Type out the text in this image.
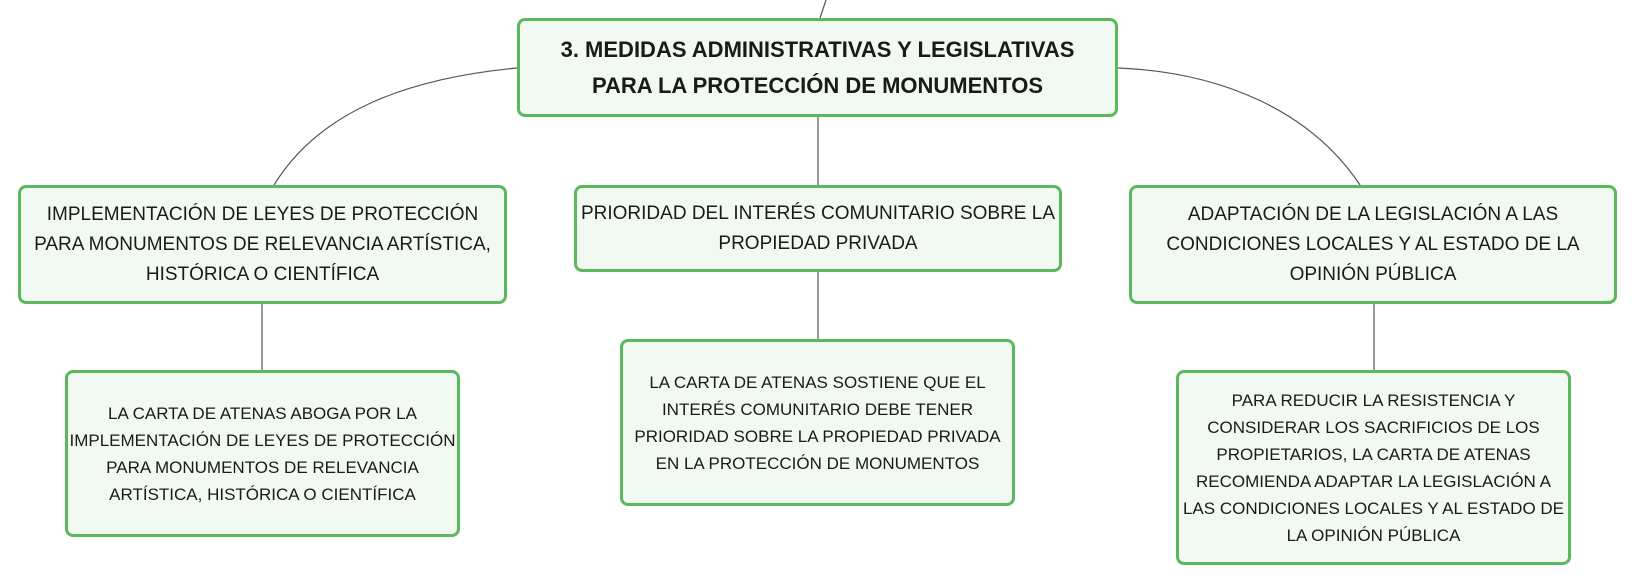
3. MEDIDAS ADMINISTRATIVAS Y LEGISLATIVAS
PARA LA PROTECCIÓN DE MONUMENTOS
IMPLEMENTACIÓN DE LEYES DE PROTECCIÓN
PARA MONUMENTOS DE RELEVANCIA ARTÍSTICA,
HISTÓRICA O CIENTÍFICA
PRIORIDAD DEL INTERÉS COMUNITARIO SOBRE LA
PROPIEDAD PRIVADA
ADAPTACIÓN DE LA LEGISLACIÓN A LAS
CONDICIONES LOCALES Y AL ESTADO DE LA
OPINIÓN PÚBLICA
LA CARTA DE ATENAS ABOGA POR LA
IMPLEMENTACIÓN DE LEYES DE PROTECCIÓN
PARA MONUMENTOS DE RELEVANCIA
ARTÍSTICA, HISTÓRICA O CIENTÍFICA
LA CARTA DE ATENAS SOSTIENE QUE EL
INTERÉS COMUNITARIO DEBE TENER
PRIORIDAD SOBRE LA PROPIEDAD PRIVADA
EN LA PROTECCIÓN DE MONUMENTOS
PARA REDUCIR LA RESISTENCIA Y
CONSIDERAR LOS SACRIFICIOS DE LOS
PROPIETARIOS, LA CARTA DE ATENAS
RECOMIENDA ADAPTAR LA LEGISLACIÓN A
LAS CONDICIONES LOCALES Y AL ESTADO DE
LA OPINIÓN PÚBLICA
